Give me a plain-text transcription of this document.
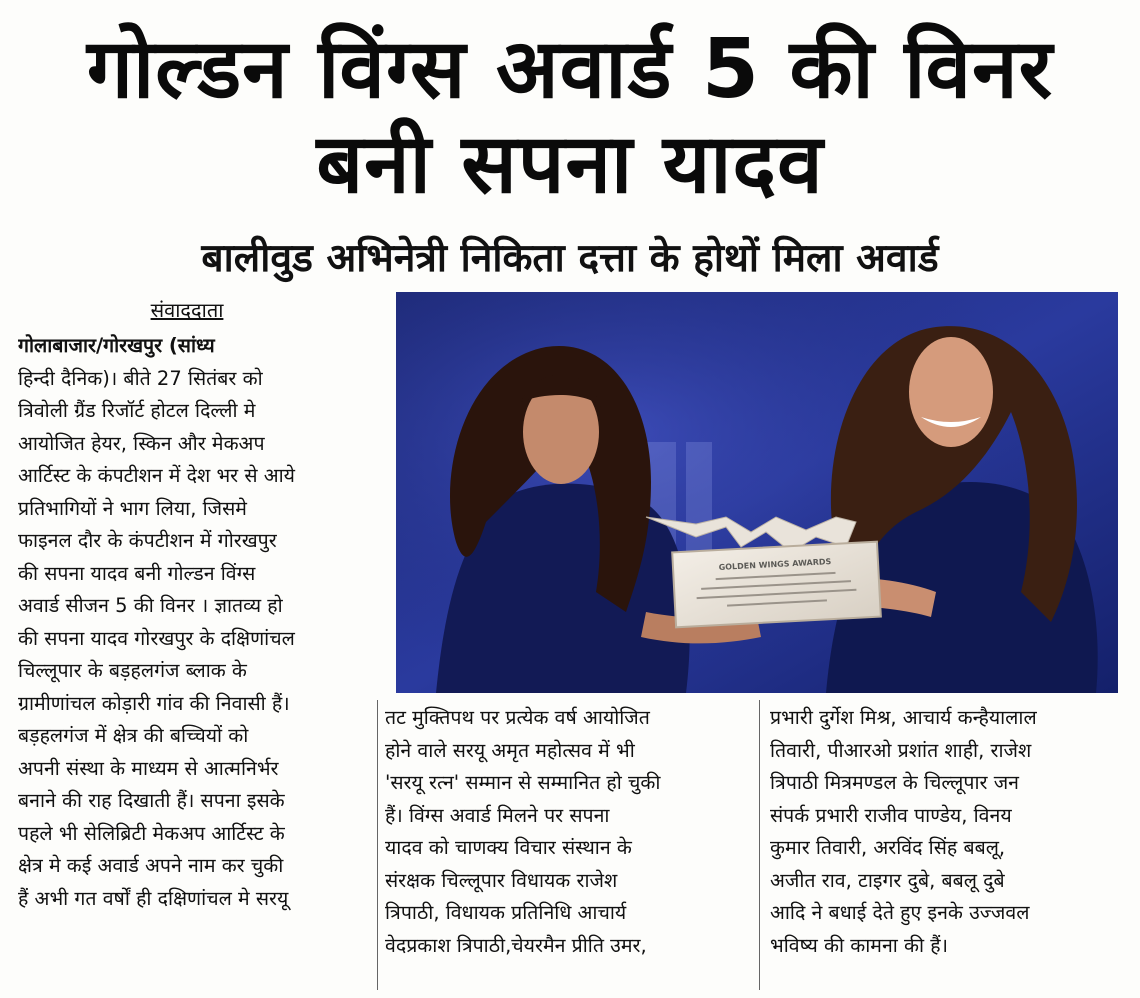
गोल्डन विंग्स अवार्ड 5 की विनर
बनी सपना यादव
बालीवुड अभिनेत्री निकिता दत्ता के होथों मिला अवार्ड
संवाददाता
गोलाबाजार/गोरखपुर (सांध्य
हिन्दी दैनिक)। बीते 27 सितंबर को
त्रिवोली ग्रैंड रिजॉर्ट होटल दिल्ली मे
आयोजित हेयर, स्किन और मेकअप
आर्टिस्ट के कंपटीशन में देश भर से आये
प्रतिभागियों ने भाग लिया, जिसमे
फाइनल दौर के कंपटीशन में गोरखपुर
की सपना यादव बनी गोल्डन विंग्स
अवार्ड सीजन 5 की विनर । ज्ञातव्य हो
की सपना यादव गोरखपुर के दक्षिणांचल
चिल्लूपार के बड़हलगंज ब्लाक के
ग्रामीणांचल कोड़ारी गांव की निवासी हैं।
बड़हलगंज में क्षेत्र की बच्चियों को
अपनी संस्था के माध्यम से आत्मनिर्भर
बनाने की राह दिखाती हैं। सपना इसके
पहले भी सेलिब्रिटी मेकअप आर्टिस्ट के
क्षेत्र मे कई अवार्ड अपने नाम कर चुकी
हैं अभी गत वर्षों ही दक्षिणांचल मे सरयू
तट मुक्तिपथ पर प्रत्येक वर्ष आयोजित
होने वाले सरयू अमृत महोत्सव में भी
'सरयू रत्न' सम्मान से सम्मानित हो चुकी
हैं। विंग्स अवार्ड मिलने पर सपना
यादव को चाणक्य विचार संस्थान के
संरक्षक चिल्लूपार विधायक राजेश
त्रिपाठी, विधायक प्रतिनिधि आचार्य
वेदप्रकाश त्रिपाठी,चेयरमैन प्रीति उमर,
प्रभारी दुर्गेश मिश्र, आचार्य कन्हैयालाल
तिवारी, पीआरओ प्रशांत शाही, राजेश
त्रिपाठी मित्रमण्डल के चिल्लूपार जन
संपर्क प्रभारी राजीव पाण्डेय, विनय
कुमार तिवारी, अरविंद सिंह बबलू,
अजीत राव, टाइगर दुबे, बबलू दुबे
आदि ने बधाई देते हुए इनके उज्जवल
भविष्य की कामना की हैं।
GOLDEN WINGS AWARDS
